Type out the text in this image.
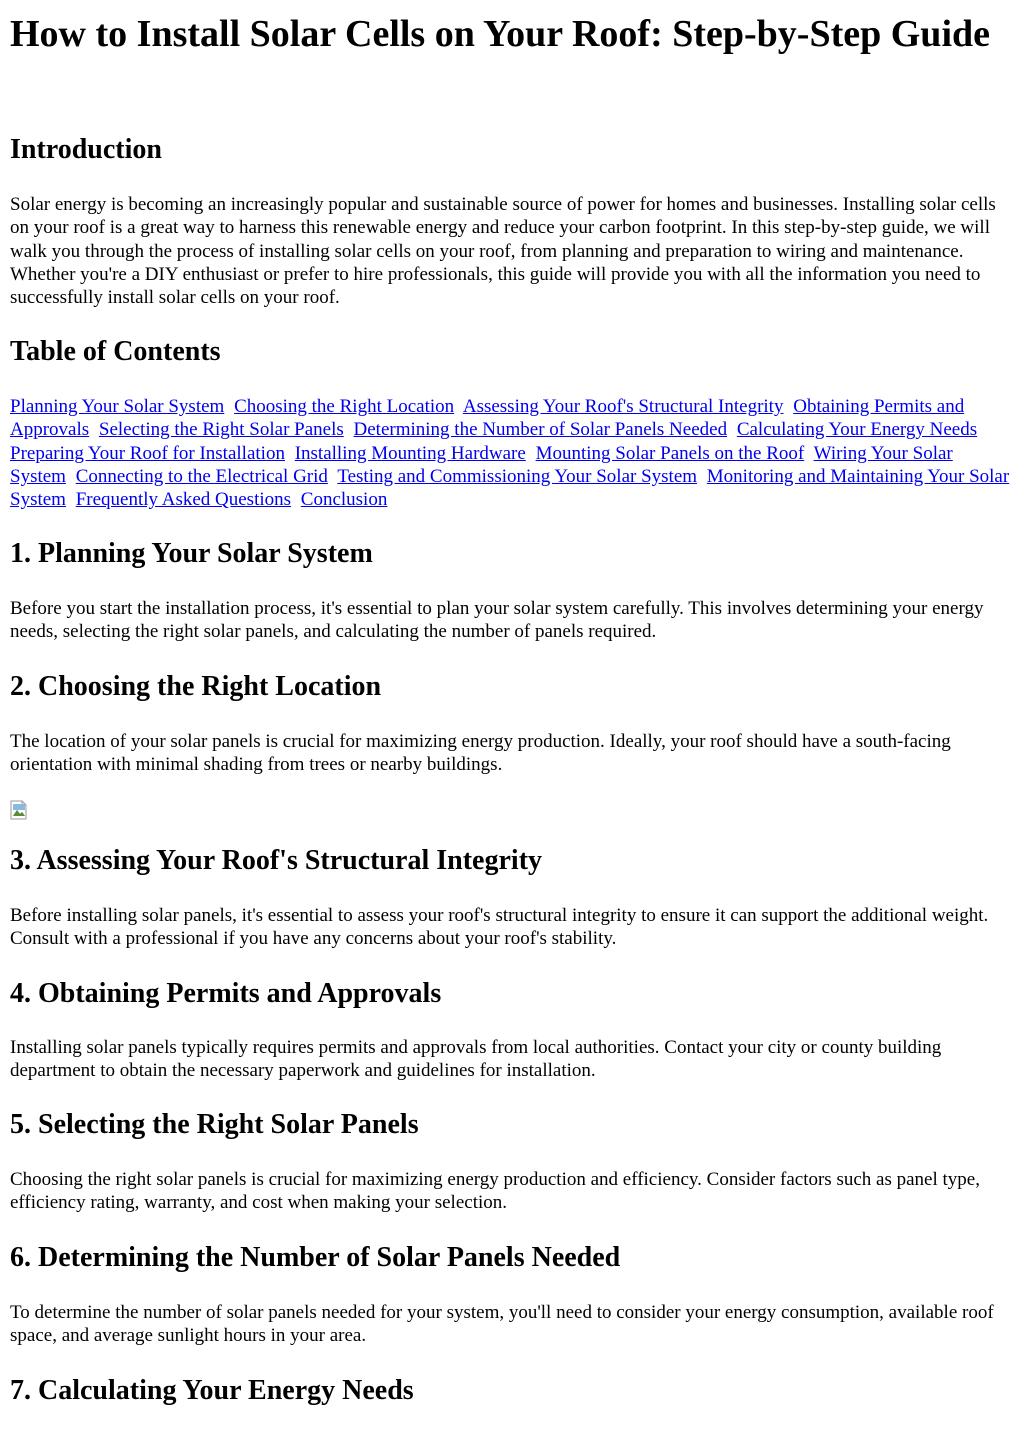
How to Install Solar Cells on Your Roof: Step-by-Step Guide
Introduction

Solar energy is becoming an increasingly popular and sustainable source of power for homes and businesses. Installing solar cells on your roof is a great way to harness this renewable energy and reduce your carbon footprint. In this step-by-step guide, we will walk you through the process of installing solar cells on your roof, from planning and preparation to wiring and maintenance. Whether you're a DIY enthusiast or prefer to hire professionals, this guide will provide you with all the information you need to successfully install solar cells on your roof.

Table of Contents
Planning Your Solar System Choosing the Right Location Assessing Your Roof's Structural Integrity Obtaining Permits and Approvals Selecting the Right Solar Panels Determining the Number of Solar Panels Needed Calculating Your Energy Needs Preparing Your Roof for Installation Installing Mounting Hardware Mounting Solar Panels on the Roof Wiring Your Solar System Connecting to the Electrical Grid Testing and Commissioning Your Solar System Monitoring and Maintaining Your Solar System Frequently Asked Questions Conclusion
1. Planning Your Solar System

Before you start the installation process, it's essential to plan your solar system carefully. This involves determining your energy needs, selecting the right solar panels, and calculating the number of panels required.

2. Choosing the Right Location

The location of your solar panels is crucial for maximizing energy production. Ideally, your roof should have a south-facing orientation with minimal shading from trees or nearby buildings.

3. Assessing Your Roof's Structural Integrity

Before installing solar panels, it's essential to assess your roof's structural integrity to ensure it can support the additional weight. Consult with a professional if you have any concerns about your roof's stability.

4. Obtaining Permits and Approvals

Installing solar panels typically requires permits and approvals from local authorities. Contact your city or county building department to obtain the necessary paperwork and guidelines for installation.

5. Selecting the Right Solar Panels

Choosing the right solar panels is crucial for maximizing energy production and efficiency. Consider factors such as panel type, efficiency rating, warranty, and cost when making your selection.

6. Determining the Number of Solar Panels Needed

To determine the number of solar panels needed for your system, you'll need to consider your energy consumption, available roof space, and average sunlight hours in your area.

7. Calculating Your Energy Needs
